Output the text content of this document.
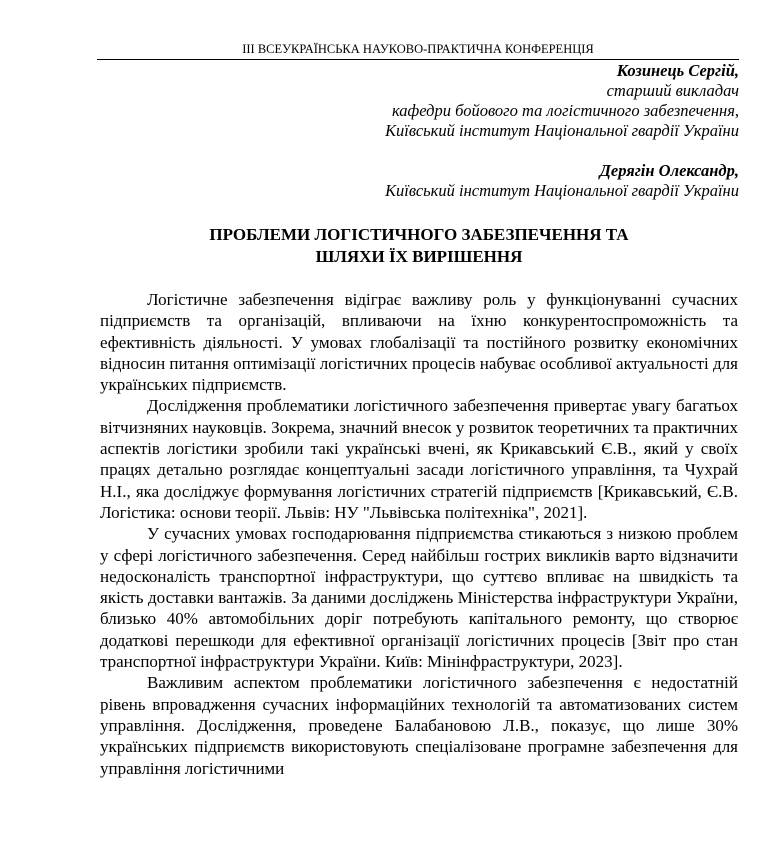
ІІІ ВСЕУКРАЇНСЬКА НАУКОВО-ПРАКТИЧНА КОНФЕРЕНЦІЯ
Козинець Сергій,
старший викладач
кафедри бойового та логістичного забезпечення,
Київський інститут Національної гвардії України
Дерягін Олександр,
Київський інститут Національної гвардії України
ПРОБЛЕМИ ЛОГІСТИЧНОГО ЗАБЕЗПЕЧЕННЯ ТА
ШЛЯХИ ЇХ ВИРІШЕННЯ

Логістичне забезпечення відіграє важливу роль у функціонуванні сучасних підприємств та організацій, впливаючи на їхню конкурентоспроможність та ефективність діяльності. У умовах глобалізації та постійного розвитку економічних відносин питання оптимізації логістичних процесів набуває особливої актуальності для українських підприємств.

Дослідження проблематики логістичного забезпечення привертає увагу багатьох вітчизняних науковців. Зокрема, значний внесок у розвиток теоретичних та практичних аспектів логістики зробили такі українські вчені, як Крикавський Є.В., який у своїх працях детально розглядає концептуальні засади логістичного управління, та Чухрай Н.І., яка досліджує формування логістичних стратегій підприємств [Крикавський, Є.В. Логістика: основи теорії. Львів: НУ "Львівська політехніка", 2021].

У сучасних умовах господарювання підприємства стикаються з низкою проблем у сфері логістичного забезпечення. Серед найбільш гострих викликів варто відзначити недосконалість транспортної інфраструктури, що суттєво впливає на швидкість та якість доставки вантажів. За даними досліджень Міністерства інфраструктури України, близько 40% автомобільних доріг потребують капітального ремонту, що створює додаткові перешкоди для ефективної організації логістичних процесів [Звіт про стан транспортної інфраструктури України. Київ: Мінінфраструктури, 2023].

Важливим аспектом проблематики логістичного забезпечення є недостатній рівень впровадження сучасних інформаційних технологій та автоматизованих систем управління. Дослідження, проведене Балабановою Л.В., показує, що лише 30% українських підприємств використовують спеціалізоване програмне забезпечення для управління логістичними
